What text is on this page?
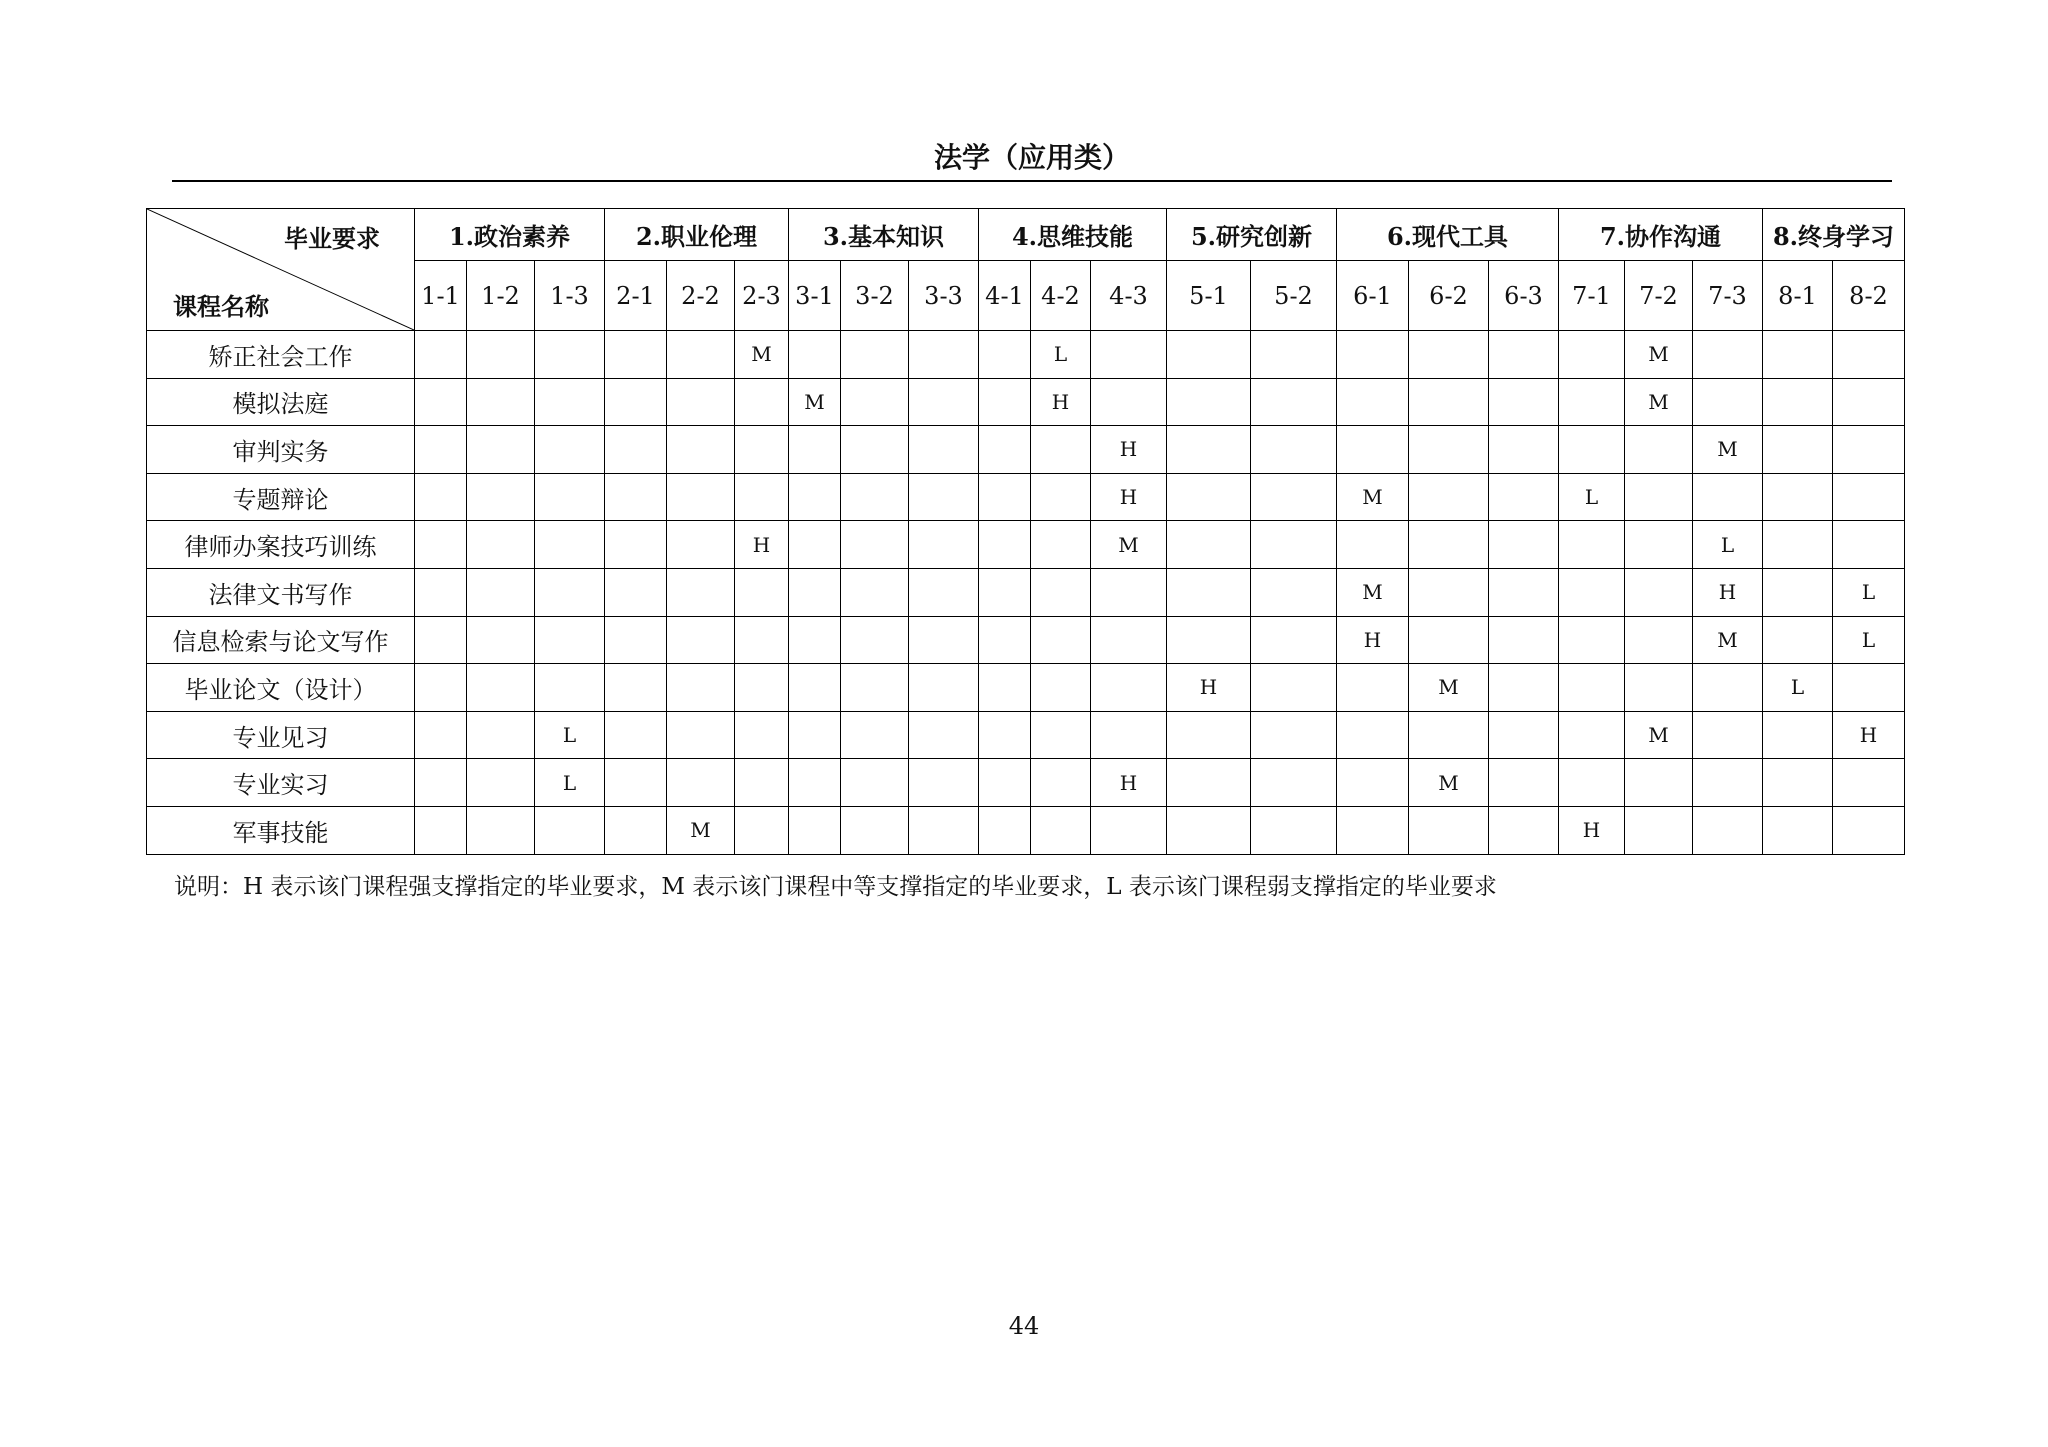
法学（应用类）
毕业要求
课程名称	1.政治素养			2.职业伦理			3.基本知识			4.思维技能			5.研究创新		6.现代工具			7.协作沟通			8.终身学习	
	1-1	1-2	1-3	2-1	2-2	2-3	3-1	3-2	3-3	4-1	4-2	4-3	5-1	5-2	6-1	6-2	6-3	7-1	7-2	7-3	8-1	8-2
矫正社会工作						M					L								M			
模拟法庭							M				H								M			
审判实务												H								M		
专题辩论												H			M			L				
律师办案技巧训练						H						M								L		
法律文书写作															M					H		L
信息检索与论文写作															H					M		L
毕业论文（设计）													H			M					L	
专业见习			L																M			H
专业实习			L									H				M						
军事技能					M													H				
说明：H 表示该门课程强支撑指定的毕业要求，M 表示该门课程中等支撑指定的毕业要求，L 表示该门课程弱支撑指定的毕业要求
44
